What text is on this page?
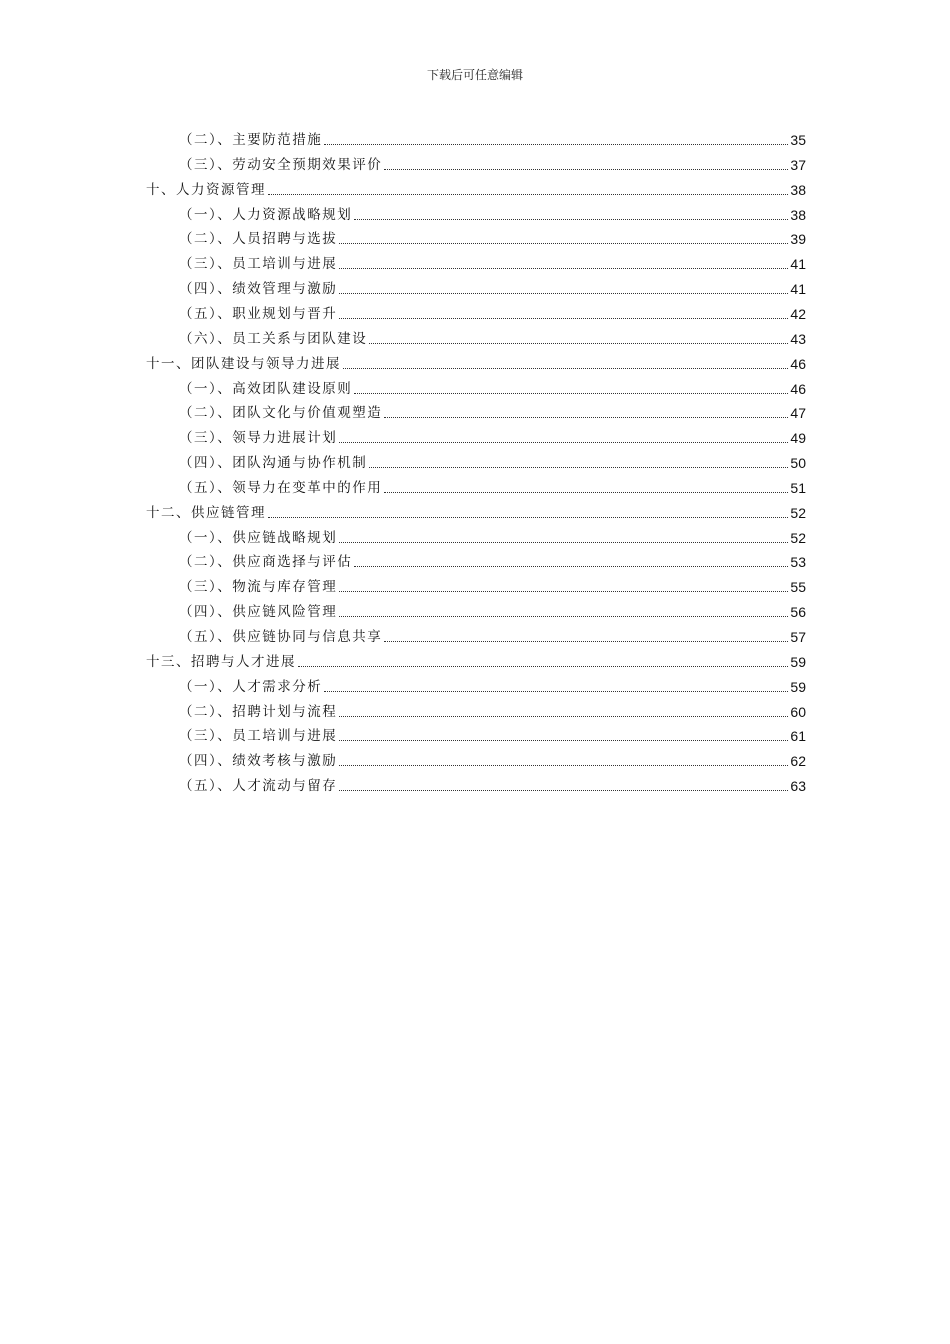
下载后可任意编辑
（二）、主要防范措施	35
（三）、劳动安全预期效果评价	37
十、人力资源管理	38
（一）、人力资源战略规划	38
（二）、人员招聘与选拔	39
（三）、员工培训与进展	41
（四）、绩效管理与激励	41
（五）、职业规划与晋升	42
（六）、员工关系与团队建设	43
十一、团队建设与领导力进展	46
（一）、高效团队建设原则	46
（二）、团队文化与价值观塑造	47
（三）、领导力进展计划	49
（四）、团队沟通与协作机制	50
（五）、领导力在变革中的作用	51
十二、供应链管理	52
（一）、供应链战略规划	52
（二）、供应商选择与评估	53
（三）、物流与库存管理	55
（四）、供应链风险管理	56
（五）、供应链协同与信息共享	57
十三、招聘与人才进展	59
（一）、人才需求分析	59
（二）、招聘计划与流程	60
（三）、员工培训与进展	61
（四）、绩效考核与激励	62
（五）、人才流动与留存	63
